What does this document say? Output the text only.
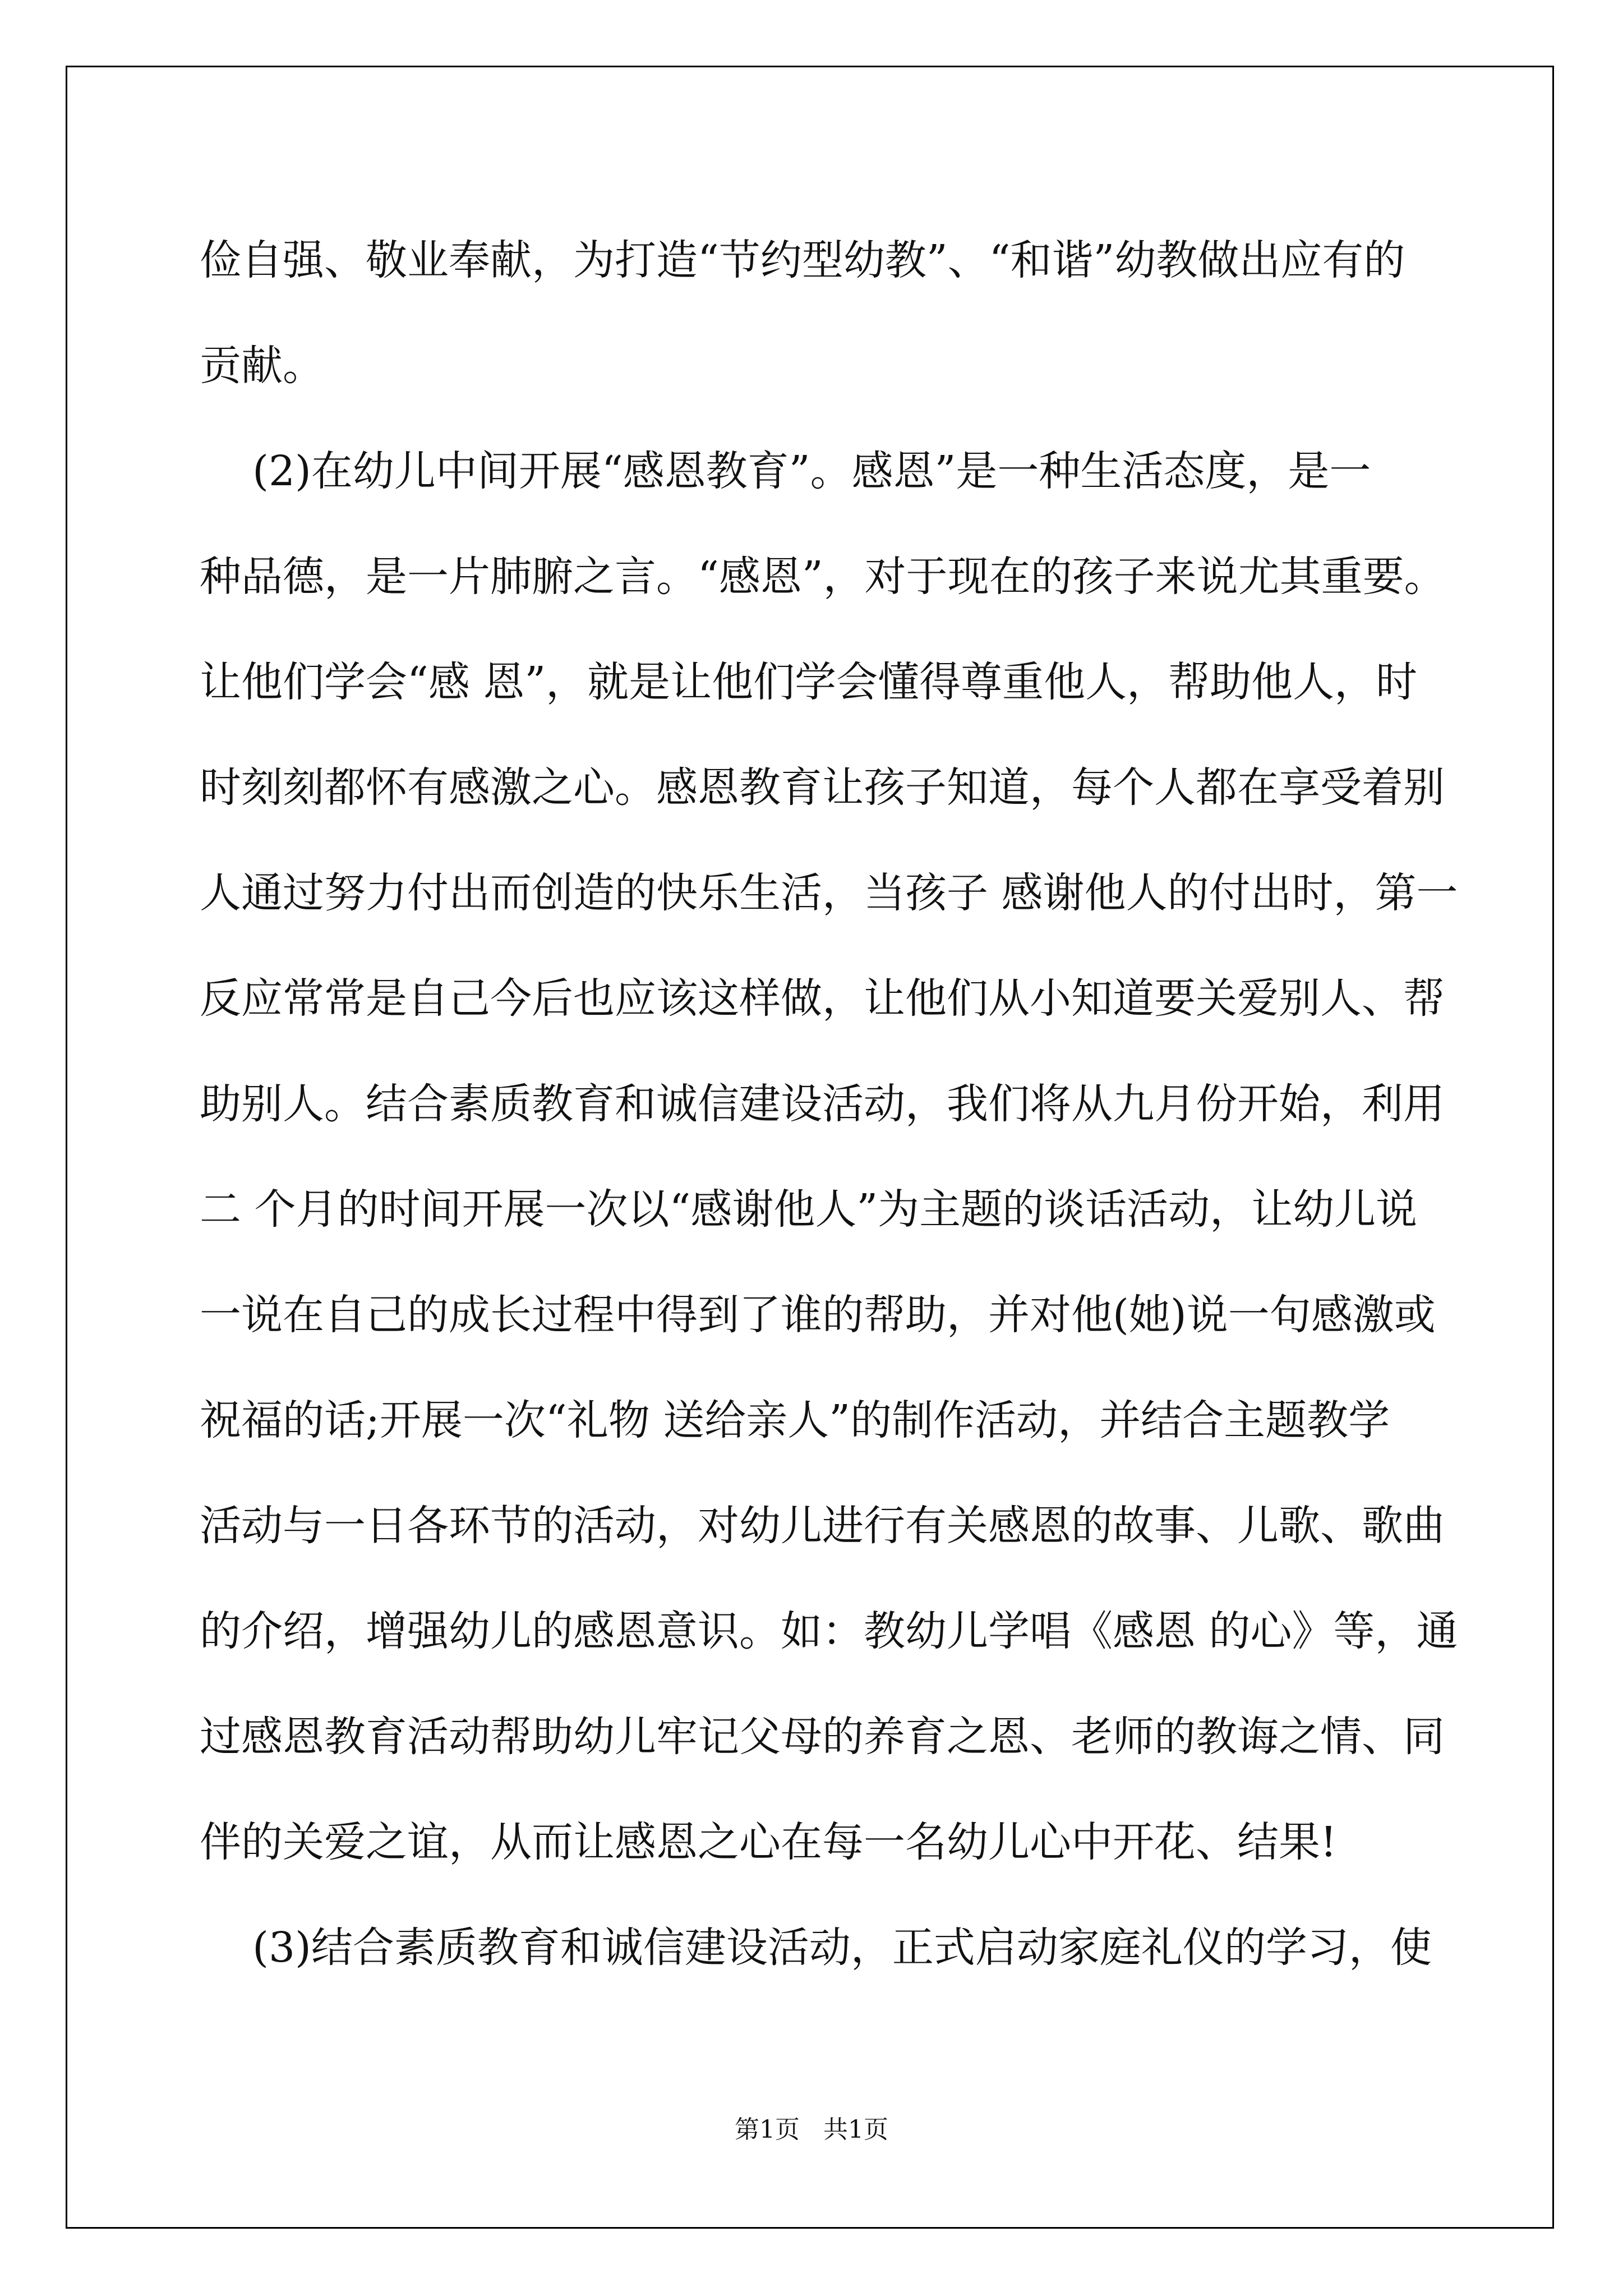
俭自强、敬业奉献，为打造“节约型幼教”、“和谐”幼教做出应有的
贡献。
(2)在幼儿中间开展“感恩教育”。感恩”是一种生活态度，是一
种品德，是一片肺腑之言。“感恩”，对于现在的孩子来说尤其重要。
让他们学会“感 恩”，就是让他们学会懂得尊重他人，帮助他人，时
时刻刻都怀有感激之心。感恩教育让孩子知道，每个人都在享受着别
人通过努力付出而创造的快乐生活，当孩子 感谢他人的付出时，第一
反应常常是自己今后也应该这样做，让他们从小知道要关爱别人、帮
助别人。结合素质教育和诚信建设活动，我们将从九月份开始，利用
二 个月的时间开展一次以“感谢他人”为主题的谈话活动，让幼儿说
一说在自己的成长过程中得到了谁的帮助，并对他(她)说一句感激或
祝福的话;开展一次“礼物 送给亲人”的制作活动，并结合主题教学
活动与一日各环节的活动，对幼儿进行有关感恩的故事、儿歌、歌曲
的介绍，增强幼儿的感恩意识。如：教幼儿学唱《感恩 的心》等，通
过感恩教育活动帮助幼儿牢记父母的养育之恩、老师的教诲之情、同
伴的关爱之谊，从而让感恩之心在每一名幼儿心中开花、结果!
(3)结合素质教育和诚信建设活动，正式启动家庭礼仪的学习，使
第1页   共1页
